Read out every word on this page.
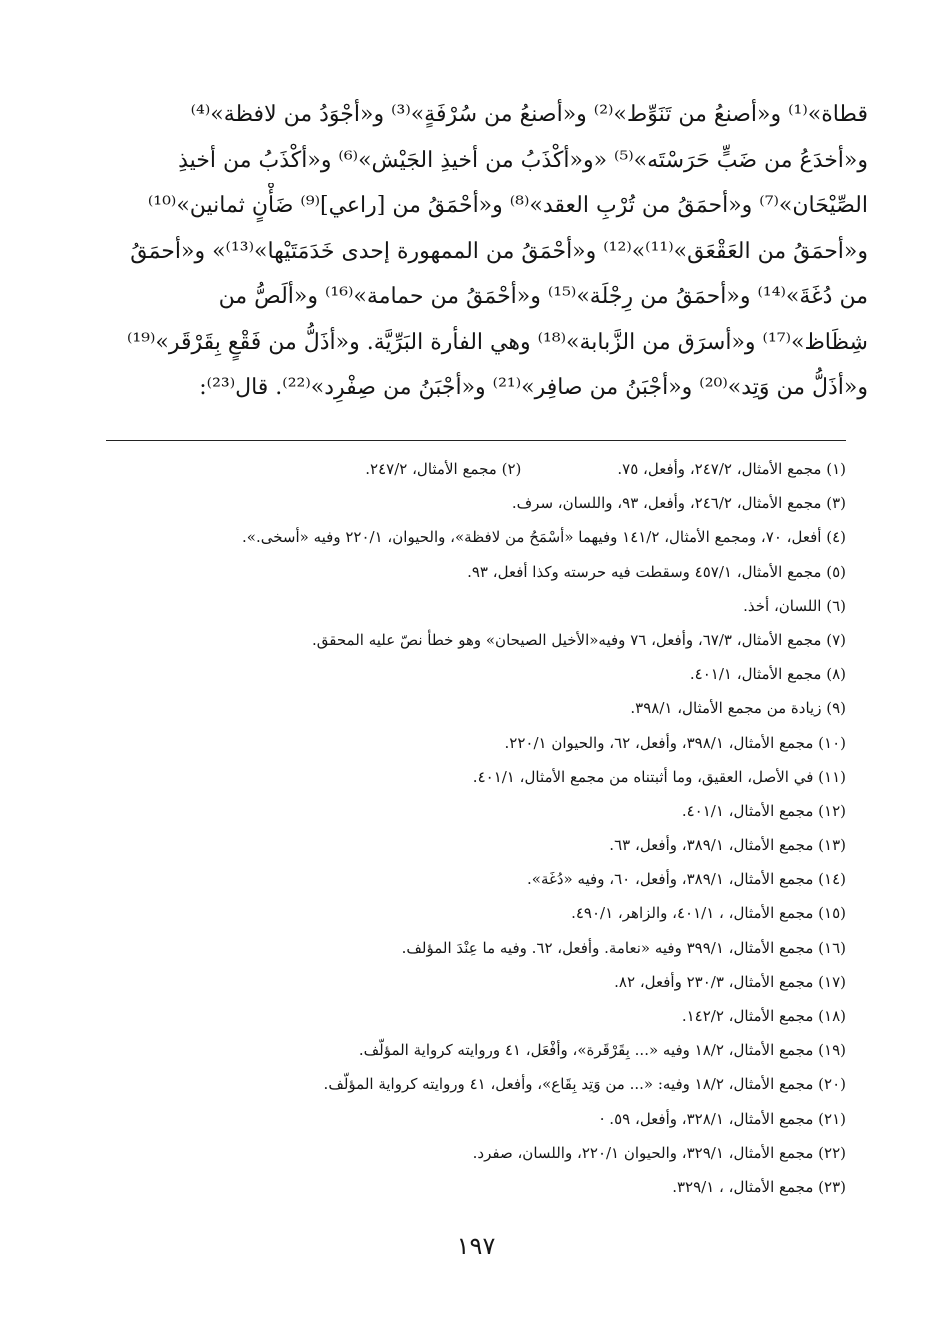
قطاة»⁽¹⁾ و«أصنعُ من تَنَوِّط»⁽²⁾ و«أصنعُ من سُرْفَةٍ»⁽³⁾ و«أجْوَدُ من لافظة»⁽⁴⁾
و«أخدَعُ من ضَبٍّ حَرَسْتَه»⁽⁵⁾ «و«أكْذَبُ من أخيذِ الجَيْش»⁽⁶⁾ و«أكْذَبُ من أخيذِ
الصِّيْحَان»⁽⁷⁾ و«أحمَقُ من تُرْبِ العقد»⁽⁸⁾ و«أحْمَقُ من [راعي]⁽⁹⁾ ضَأْنٍ ثمانين»⁽¹⁰⁾
و«أحمَقُ من العَقْعَق»⁽¹¹⁾»⁽¹²⁾ و«أحْمَقُ من الممهورة إحدى خَدَمَتَيْها»⁽¹³⁾» و«أحمَقُ
من دُغَةَ»⁽¹⁴⁾ و«أحمَقُ من رِجْلَة»⁽¹⁵⁾ و«أحْمَقُ من حمامة»⁽¹⁶⁾ و«ألَصُّ من
شِظَاظ»⁽¹⁷⁾ و«أسرَق من الزَّبابة»⁽¹⁸⁾ وهي الفأرة البَرِّيَّة. و«أذَلُّ من فَقْعٍ بِقَرْقَر»⁽¹⁹⁾
و«أذَلُّ من وَتِد»⁽²⁰⁾ و«أجْبَنُ من صافِر»⁽²¹⁾ و«أجْبَنُ من صِفْرِد»⁽²²⁾. قال⁽²³⁾:
(١) مجمع الأمثال، ٢٤٧/٢، وأفعل، ٧٥.
(٢) مجمع الأمثال، ٢٤٧/٢.
(٣) مجمع الأمثال، ٢٤٦/٢، وأفعل، ٩٣، واللسان، سرف.
(٤) أفعل، ٧٠، ومجمع الأمثال، ١٤١/٢ وفيهما «أسْمَحُ من لافظة»، والحيوان، ٢٢٠/١ وفيه «أسخى.».
(٥) مجمع الأمثال، ٤٥٧/١ وسقطت فيه حرسته وكذا أفعل، ٩٣.
(٦) اللسان، أخذ.
(٧) مجمع الأمثال، ٦٧/٣، وأفعل، ٧٦ وفيه«الأخيل الصيحان» وهو خطأ نصّ عليه المحقق.
(٨) مجمع الأمثال، ٤٠١/١.
(٩) زيادة من مجمع الأمثال، ٣٩٨/١.
(١٠) مجمع الأمثال، ٣٩٨/١، وأفعل، ٦٢، والحيوان ٢٢٠/١.
(١١) في الأصل، العقيق، وما أثبتناه من مجمع الأمثال، ٤٠١/١.
(١٢) مجمع الأمثال، ٤٠١/١.
(١٣) مجمع الأمثال، ٣٨٩/١، وأفعل، ٦٣.
(١٤) مجمع الأمثال، ٣٨٩/١، وأفعل، ٦٠، وفيه «دُغَة».
(١٥) مجمع الأمثال، ، ٤٠١/١، والزاهر، ٤٩٠/١.
(١٦) مجمع الأمثال، ٣٩٩/١ وفيه «نعامة. وأفعل، ٦٢. وفيه ما عِنْدَ المؤلف.
(١٧) مجمع الأمثال، ٢٣٠/٣ وأفعل، ٨٢.
(١٨) مجمع الأمثال، ١٤٢/٢.
(١٩) مجمع الأمثال، ١٨/٢ وفيه «... بِقَرْقَرة»، وأفْعَل، ٤١ وروايته كرواية المؤلّف.
(٢٠) مجمع الأمثال، ١٨/٢ وفيه: «... من وَتِد بِقَاع»، وأفعل، ٤١ وروايته كرواية المؤلّف.
(٢١) مجمع الأمثال، ٣٢٨/١، وأفعل، ٥٩. ·
(٢٢) مجمع الأمثال، ٣٢٩/١، والحيوان ٢٢٠/١، واللسان، صفرد.
(٢٣) مجمع الأمثال، ، ٣٢٩/١.
١٩٧
